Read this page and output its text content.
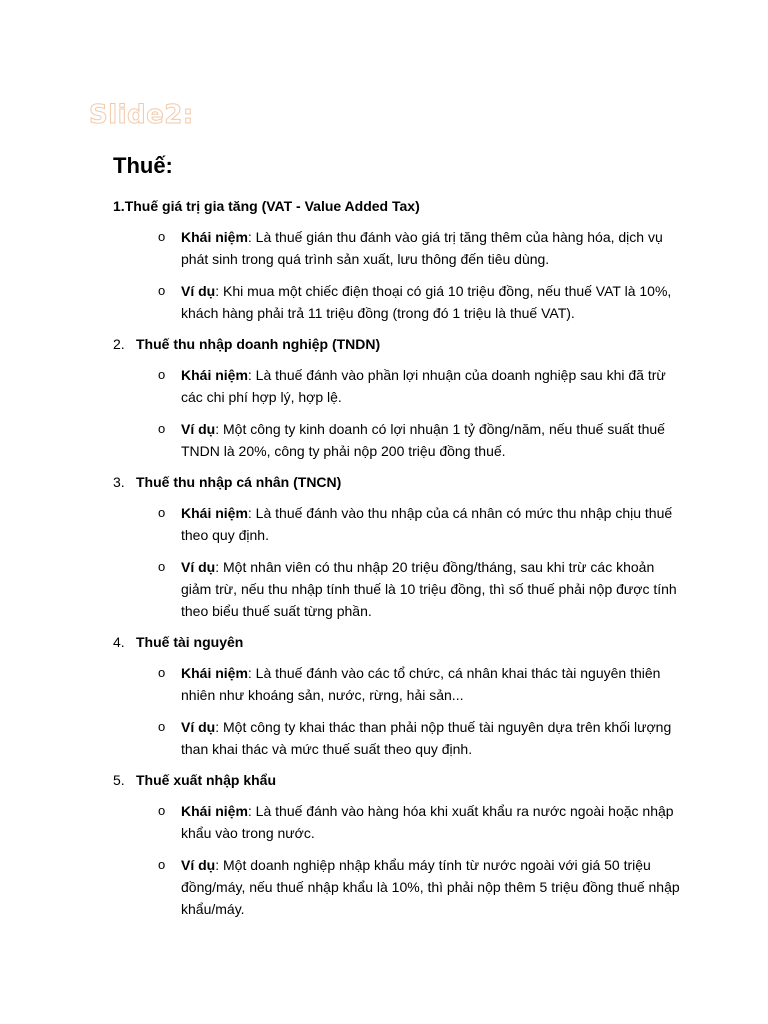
Slide2:
Thuế:
1. Thuế giá trị gia tăng (VAT - Value Added Tax)
o Khái niệm: Là thuế gián thu đánh vào giá trị tăng thêm của hàng hóa, dịch vụ phát sinh trong quá trình sản xuất, lưu thông đến tiêu dùng.
o Ví dụ: Khi mua một chiếc điện thoại có giá 10 triệu đồng, nếu thuế VAT là 10%, khách hàng phải trả 11 triệu đồng (trong đó 1 triệu là thuế VAT).
2. Thuế thu nhập doanh nghiệp (TNDN)
o Khái niệm: Là thuế đánh vào phần lợi nhuận của doanh nghiệp sau khi đã trừ các chi phí hợp lý, hợp lệ.
o Ví dụ: Một công ty kinh doanh có lợi nhuận 1 tỷ đồng/năm, nếu thuế suất thuế TNDN là 20%, công ty phải nộp 200 triệu đồng thuế.
3. Thuế thu nhập cá nhân (TNCN)
o Khái niệm: Là thuế đánh vào thu nhập của cá nhân có mức thu nhập chịu thuế theo quy định.
o Ví dụ: Một nhân viên có thu nhập 20 triệu đồng/tháng, sau khi trừ các khoản giảm trừ, nếu thu nhập tính thuế là 10 triệu đồng, thì số thuế phải nộp được tính theo biểu thuế suất từng phần.
4. Thuế tài nguyên
o Khái niệm: Là thuế đánh vào các tổ chức, cá nhân khai thác tài nguyên thiên nhiên như khoáng sản, nước, rừng, hải sản...
o Ví dụ: Một công ty khai thác than phải nộp thuế tài nguyên dựa trên khối lượng than khai thác và mức thuế suất theo quy định.
5. Thuế xuất nhập khẩu
o Khái niệm: Là thuế đánh vào hàng hóa khi xuất khẩu ra nước ngoài hoặc nhập khẩu vào trong nước.
o Ví dụ: Một doanh nghiệp nhập khẩu máy tính từ nước ngoài với giá 50 triệu đồng/máy, nếu thuế nhập khẩu là 10%, thì phải nộp thêm 5 triệu đồng thuế nhập khẩu/máy.
